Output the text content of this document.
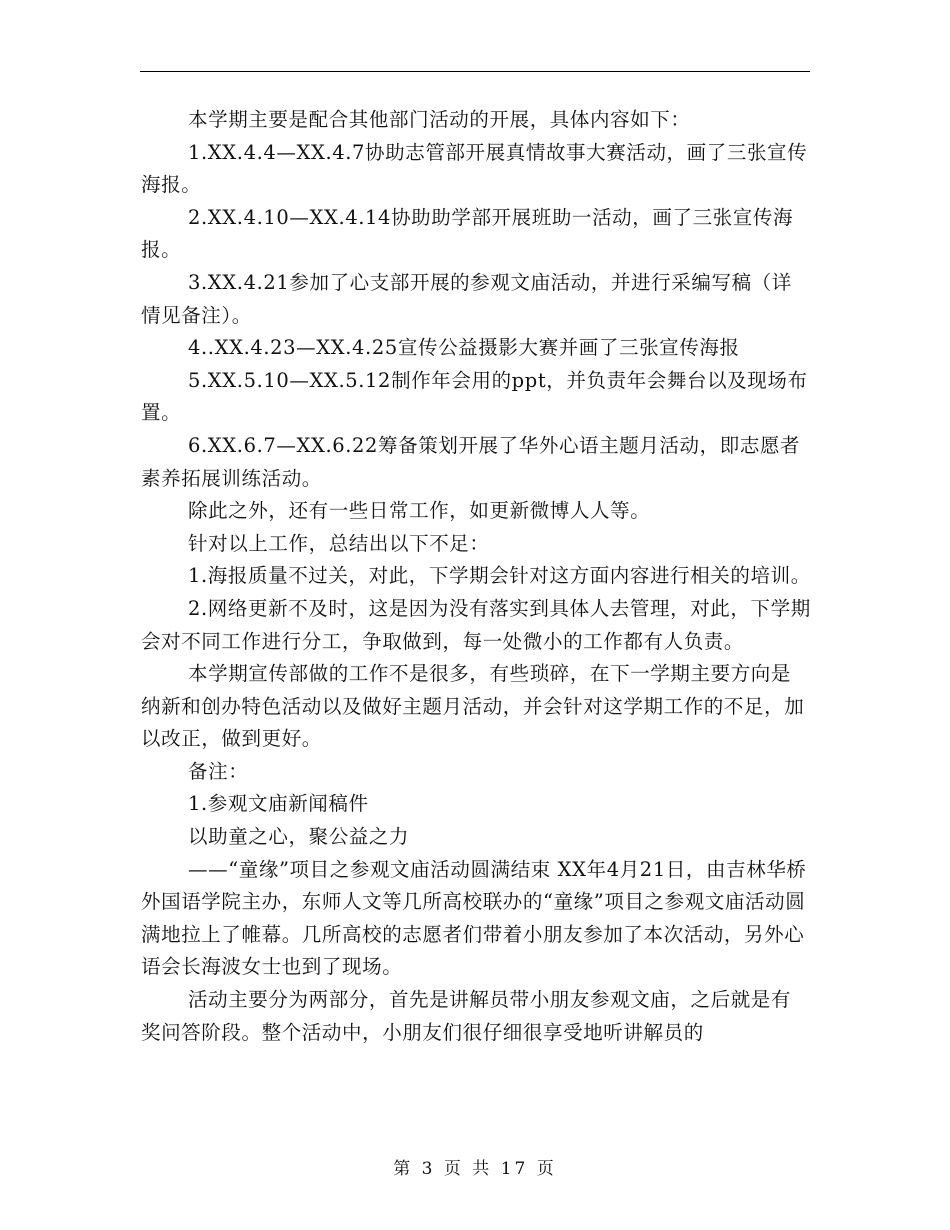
本学期主要是配合其他部门活动的开展，具体内容如下：

1.XX.4.4—XX.4.7协助志管部开展真情故事大赛活动，画了三张宣传海报。

2.XX.4.10—XX.4.14协助助学部开展班助一活动，画了三张宣传海报。

3.XX.4.21参加了心支部开展的参观文庙活动，并进行采编写稿（详情见备注）。

4..XX.4.23—XX.4.25宣传公益摄影大赛并画了三张宣传海报

5.XX.5.10—XX.5.12制作年会用的ppt，并负责年会舞台以及现场布置。

6.XX.6.7—XX.6.22筹备策划开展了华外心语主题月活动，即志愿者素养拓展训练活动。

除此之外，还有一些日常工作，如更新微博人人等。

针对以上工作，总结出以下不足：

1.海报质量不过关，对此，下学期会针对这方面内容进行相关的培训。

2.网络更新不及时，这是因为没有落实到具体人去管理，对此，下学期会对不同工作进行分工，争取做到，每一处微小的工作都有人负责。

本学期宣传部做的工作不是很多，有些琐碎，在下一学期主要方向是纳新和创办特色活动以及做好主题月活动，并会针对这学期工作的不足，加以改正，做到更好。

备注：

1.参观文庙新闻稿件

以助童之心，聚公益之力

——“童缘”项目之参观文庙活动圆满结束 XX年4月21日，由吉林华桥外国语学院主办，东师人文等几所高校联办的“童缘”项目之参观文庙活动圆满地拉上了帷幕。几所高校的志愿者们带着小朋友参加了本次活动，另外心语会长海波女士也到了现场。

活动主要分为两部分，首先是讲解员带小朋友参观文庙，之后就是有奖问答阶段。整个活动中，小朋友们很仔细很享受地听讲解员的

第 3 页 共 17 页
